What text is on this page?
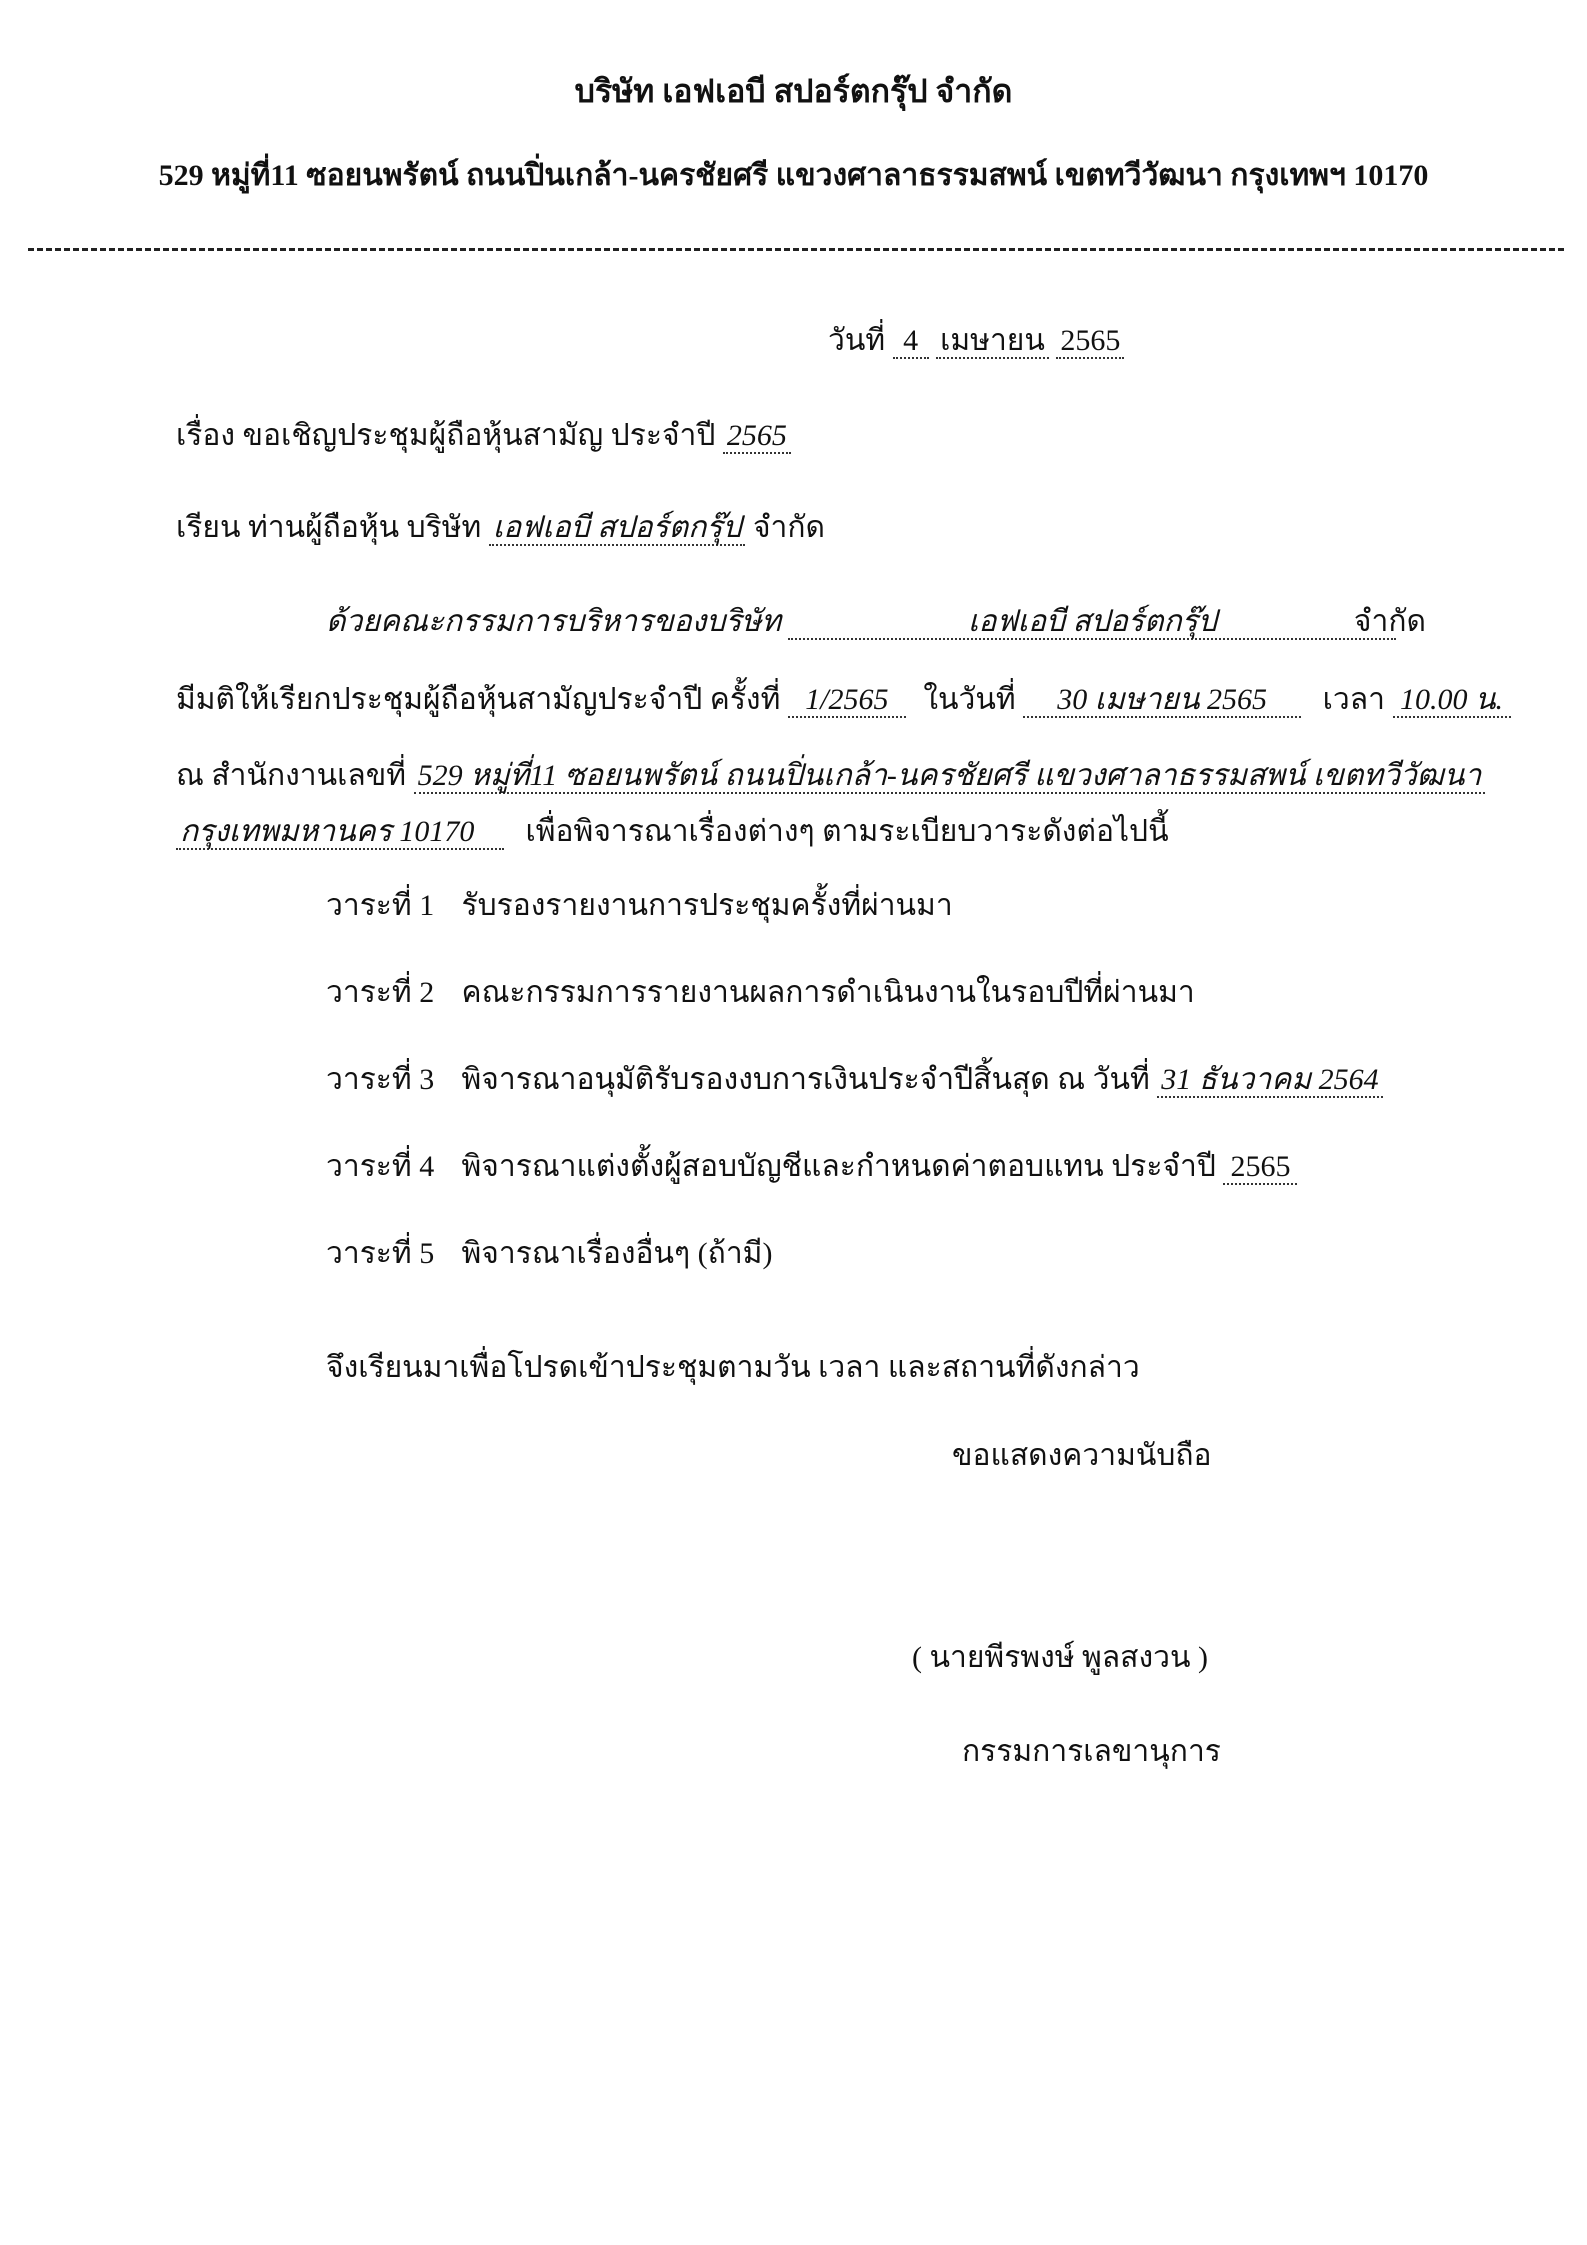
บริษัท เอฟเอบี สปอร์ตกรุ๊ป จำกัด
529 หมู่ที่11 ซอยนพรัตน์ ถนนปิ่นเกล้า-นครชัยศรี แขวงศาลาธรรมสพน์ เขตทวีวัฒนา กรุงเทพฯ 10170
วันที่ 4 เมษายน 2565
เรื่อง ขอเชิญประชุมผู้ถือหุ้นสามัญ ประจำปี 2565
เรียน ท่านผู้ถือหุ้น บริษัท เอฟเอบี สปอร์ตกรุ๊ป จำกัด
ด้วยคณะกรรมการบริหารของบริษัท	เอฟเอบี สปอร์ตกรุ๊ป	จำกัด
มีมติให้เรียกประชุมผู้ถือหุ้นสามัญประจำปี ครั้งที่ 1/2565 ในวันที่ 30 เมษายน 2565 เวลา 10.00 น.
ณ สำนักงานเลขที่ 529 หมู่ที่11 ซอยนพรัตน์ ถนนปิ่นเกล้า-นครชัยศรี แขวงศาลาธรรมสพน์ เขตทวีวัฒนา
กรุงเทพมหานคร 10170 เพื่อพิจารณาเรื่องต่างๆ ตามระเบียบวาระดังต่อไปนี้
วาระที่ 1 รับรองรายงานการประชุมครั้งที่ผ่านมา
วาระที่ 2 คณะกรรมการรายงานผลการดำเนินงานในรอบปีที่ผ่านมา
วาระที่ 3 พิจารณาอนุมัติรับรองงบการเงินประจำปีสิ้นสุด ณ วันที่ 31 ธันวาคม 2564
วาระที่ 4 พิจารณาแต่งตั้งผู้สอบบัญชีและกำหนดค่าตอบแทน ประจำปี 2565
วาระที่ 5 พิจารณาเรื่องอื่นๆ (ถ้ามี)
จึงเรียนมาเพื่อโปรดเข้าประชุมตามวัน เวลา และสถานที่ดังกล่าว
ขอแสดงความนับถือ
( นายพีรพงษ์ พูลสงวน )
กรรมการเลขานุการ
